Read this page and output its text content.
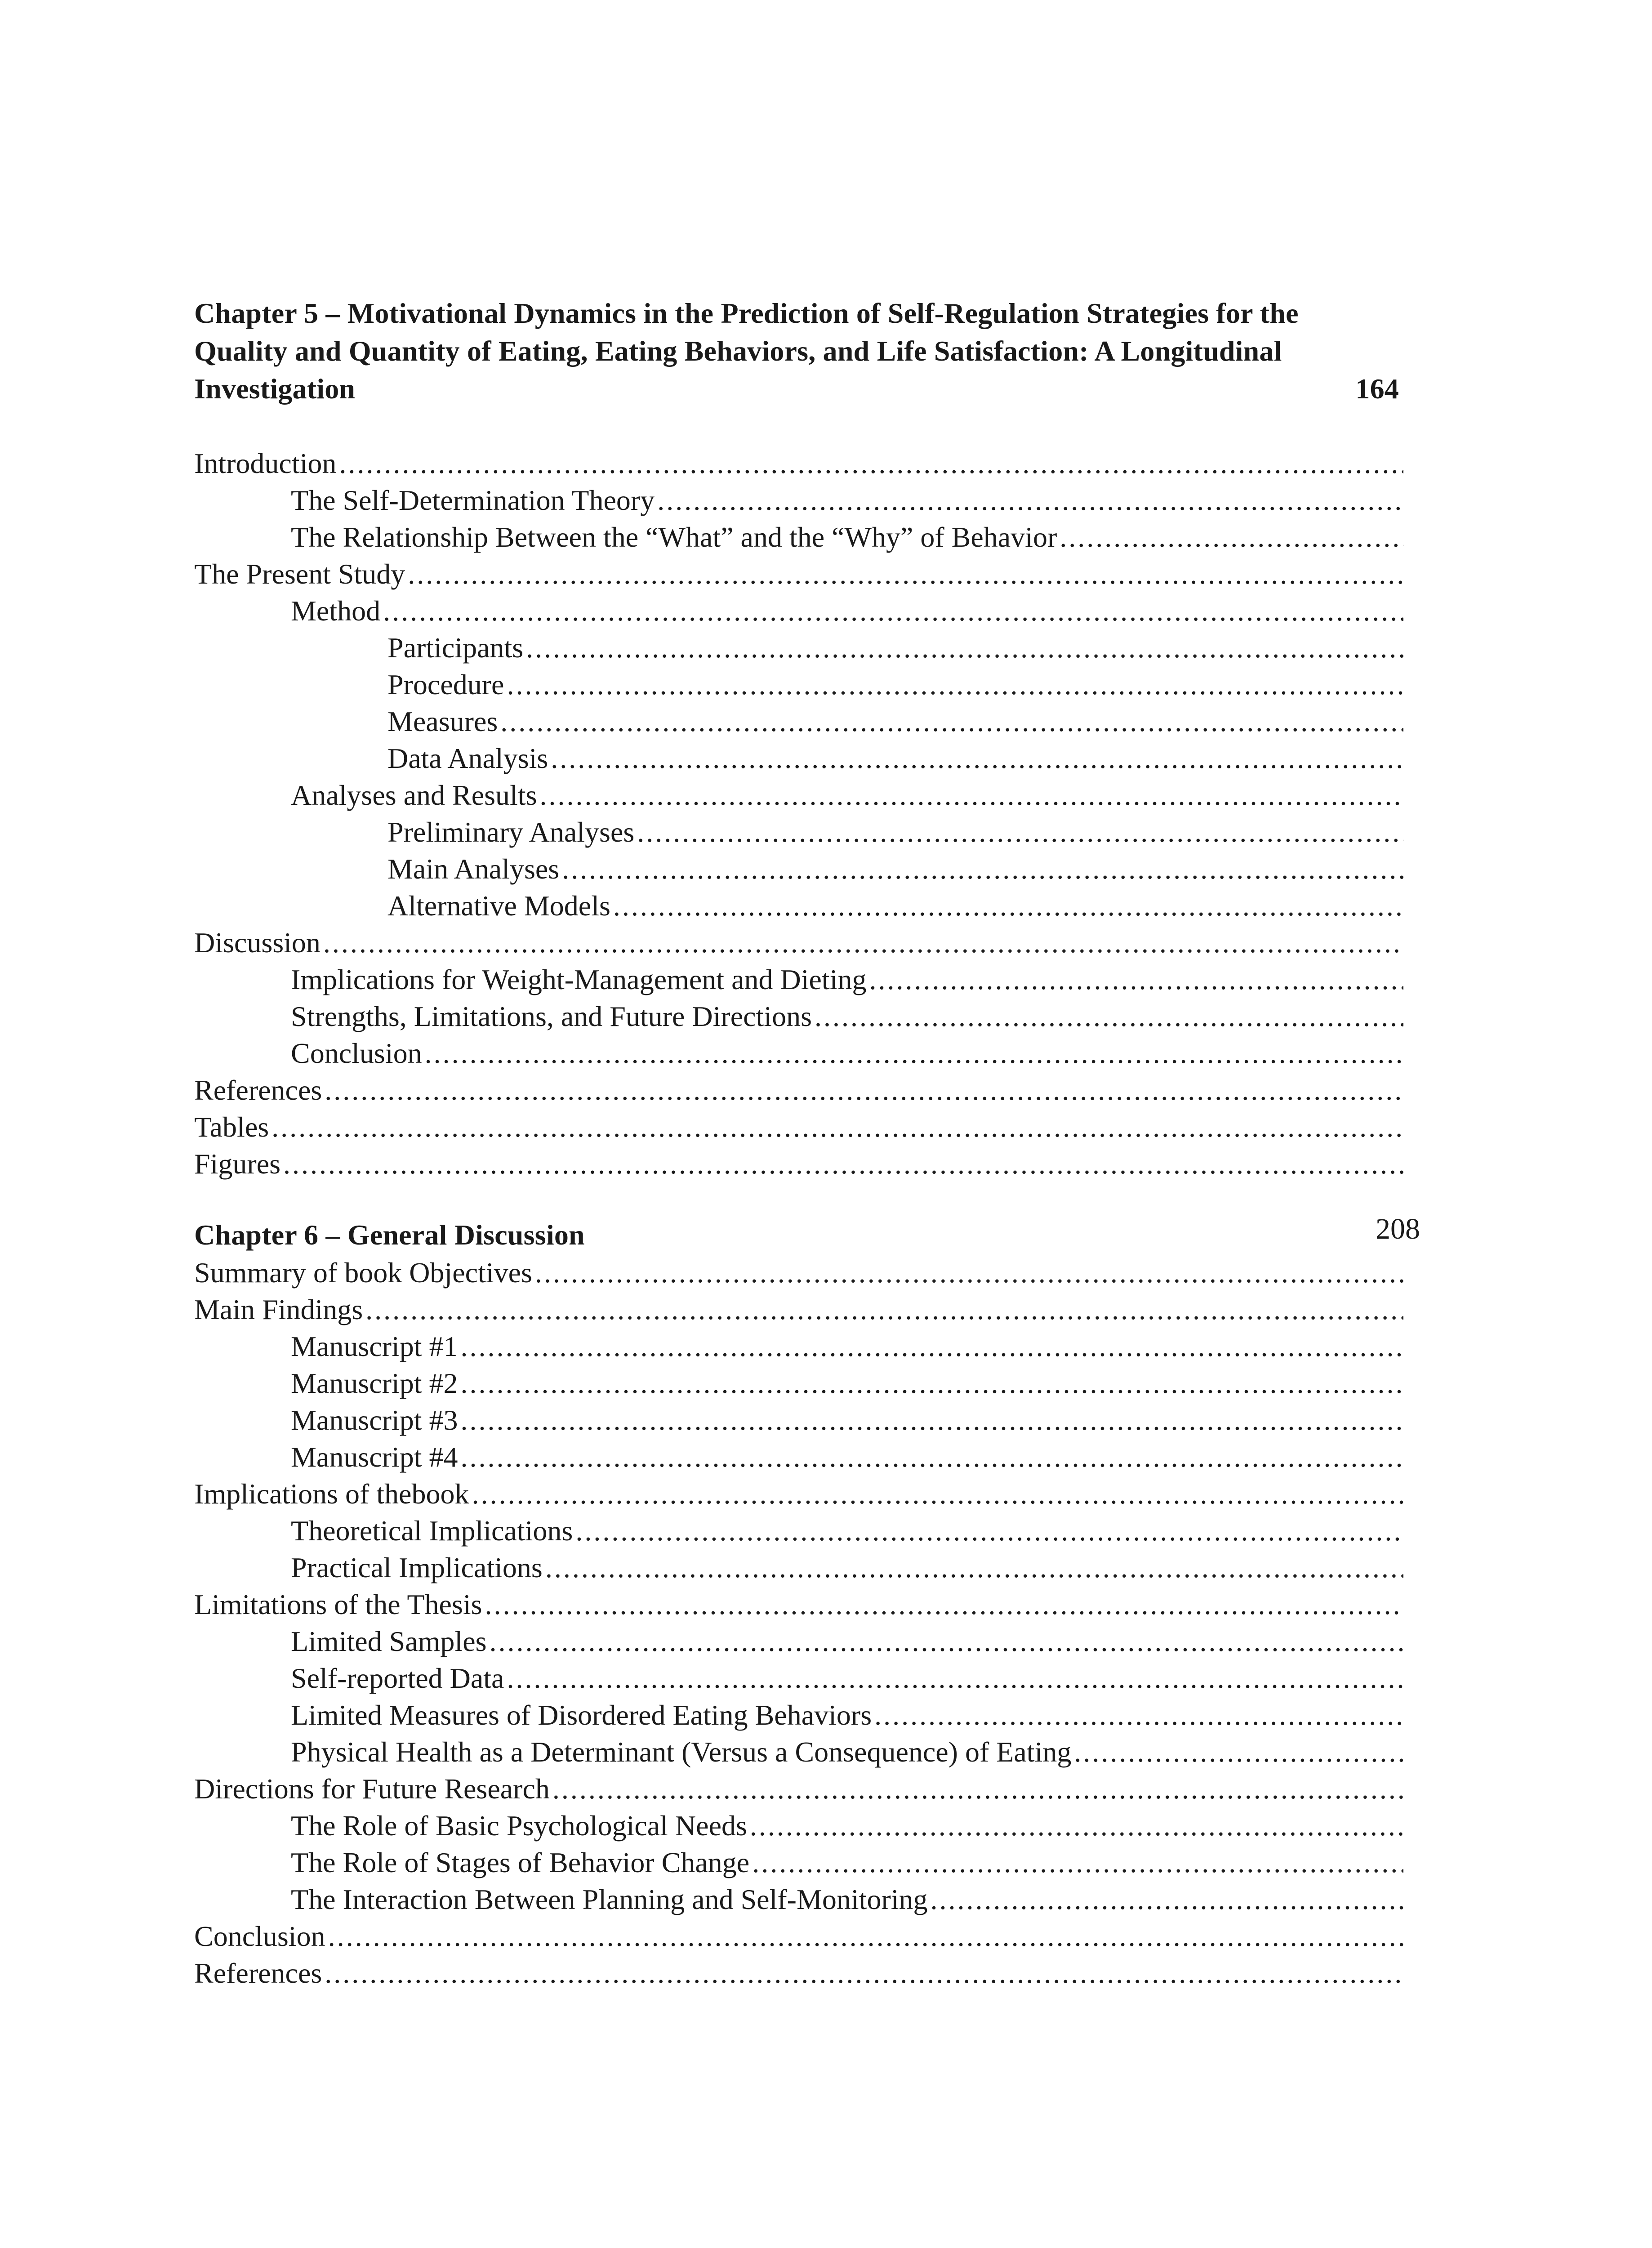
Chapter 5 – Motivational Dynamics in the Prediction of Self-Regulation Strategies for the
Quality and Quantity of Eating, Eating Behaviors, and Life Satisfaction: A Longitudinal
Investigation	164
Introduction
.....
The Self-Determination Theory
.....
The Relationship Between the “What” and the “Why” of Behavior
.....
The Present Study
.....
Method
.....
Participants
.....
Procedure
.....
Measures
.....
Data Analysis
.....
Analyses and Results
.....
Preliminary Analyses
.....
Main Analyses
.....
Alternative Models
.....
Discussion
.....
Implications for Weight-Management and Dieting
.....
Strengths, Limitations, and Future Directions
.....
Conclusion
.....
References
.....
Tables
.....
Figures
.....
Chapter 6 – General Discussion	208
Summary of book Objectives
.....
Main Findings
.....
Manuscript #1
.....
Manuscript #2
.....
Manuscript #3
.....
Manuscript #4
.....
Implications of thebook
.....
Theoretical Implications
.....
Practical Implications
.....
Limitations of the Thesis
.....
Limited Samples
.....
Self-reported Data
.....
Limited Measures of Disordered Eating Behaviors
.....
Physical Health as a Determinant (Versus a Consequence) of Eating
.....
Directions for Future Research
.....
The Role of Basic Psychological Needs
.....
The Role of Stages of Behavior Change
.....
The Interaction Between Planning and Self-Monitoring
.....
Conclusion
.....
References
.....
